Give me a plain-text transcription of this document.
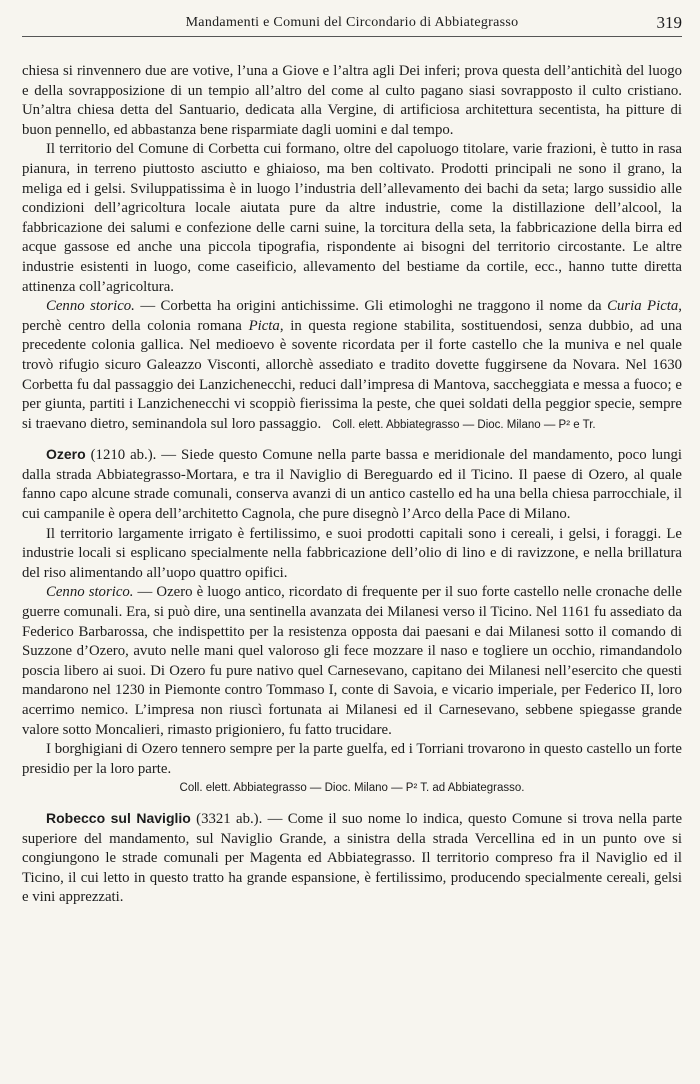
Mandamenti e Comuni del Circondario di Abbiategrasso	319

chiesa si rinvennero due are votive, l’una a Giove e l’altra agli Dei inferi; prova questa dell’antichità del luogo e della sovrapposizione di un tempio all’altro del come al culto pagano siasi sovrapposto il culto cristiano. Un’altra chiesa detta del Santuario, dedicata alla Vergine, di artificiosa architettura secentista, ha pitture di buon pennello, ed abbastanza bene risparmiate dagli uomini e dal tempo.

Il territorio del Comune di Corbetta cui formano, oltre del capoluogo titolare, varie frazioni, è tutto in rasa pianura, in terreno piuttosto asciutto e ghiaioso, ma ben coltivato. Prodotti principali ne sono il grano, la meliga ed i gelsi. Sviluppatissima è in luogo l’industria dell’allevamento dei bachi da seta; largo sussidio alle condizioni dell’agricoltura locale aiutata pure da altre industrie, come la distillazione dell’alcool, la fabbricazione dei salumi e confezione delle carni suine, la torcitura della seta, la fabbricazione della birra ed acque gassose ed anche una piccola tipografia, rispondente ai bisogni del territorio circostante. Le altre industrie esistenti in luogo, come caseificio, allevamento del bestiame da cortile, ecc., hanno tutte diretta attinenza coll’agricoltura.

Cenno storico. — Corbetta ha origini antichissime. Gli etimologhi ne traggono il nome da Curia Picta, perchè centro della colonia romana Picta, in questa regione stabilita, sostituendosi, senza dubbio, ad una precedente colonia gallica. Nel medioevo è sovente ricordata per il forte castello che la muniva e nel quale trovò rifugio sicuro Galeazzo Visconti, allorchè assediato e tradito dovette fuggirsene da Novara. Nel 1630 Corbetta fu dal passaggio dei Lanzichenecchi, reduci dall’impresa di Mantova, saccheggiata e messa a fuoco; e per giunta, partiti i Lanzichenecchi vi scoppiò fierissima la peste, che quei soldati della peggior specie, sempre si traevano dietro, seminandola sul loro passaggio. Coll. elett. Abbiategrasso — Dioc. Milano — P² e Tr.

Ozero (1210 ab.). — Siede questo Comune nella parte bassa e meridionale del mandamento, poco lungi dalla strada Abbiategrasso-Mortara, e tra il Naviglio di Bereguardo ed il Ticino. Il paese di Ozero, al quale fanno capo alcune strade comunali, conserva avanzi di un antico castello ed ha una bella chiesa parrocchiale, il cui campanile è opera dell’architetto Cagnola, che pure disegnò l’Arco della Pace di Milano.

Il territorio largamente irrigato è fertilissimo, e suoi prodotti capitali sono i cereali, i gelsi, i foraggi. Le industrie locali si esplicano specialmente nella fabbricazione dell’olio di lino e di ravizzone, e nella brillatura del riso alimentando all’uopo quattro opifici.

Cenno storico. — Ozero è luogo antico, ricordato di frequente per il suo forte castello nelle cronache delle guerre comunali. Era, si può dire, una sentinella avanzata dei Milanesi verso il Ticino. Nel 1161 fu assediato da Federico Barbarossa, che indispettito per la resistenza opposta dai paesani e dai Milanesi sotto il comando di Suzzone d’Ozero, avuto nelle mani quel valoroso gli fece mozzare il naso e togliere un occhio, rimandandolo poscia libero ai suoi. Di Ozero fu pure nativo quel Carnesevano, capitano dei Milanesi nell’esercito che questi mandarono nel 1230 in Piemonte contro Tommaso I, conte di Savoia, e vicario imperiale, per Federico II, loro acerrimo nemico. L’impresa non riuscì fortunata ai Milanesi ed il Carnesevano, sebbene spiegasse grande valore sotto Moncalieri, rimasto prigioniero, fu fatto trucidare.

I borghigiani di Ozero tennero sempre per la parte guelfa, ed i Torriani trovarono in questo castello un forte presidio per la loro parte.

Coll. elett. Abbiategrasso — Dioc. Milano — P² T. ad Abbiategrasso.

Robecco sul Naviglio (3321 ab.). — Come il suo nome lo indica, questo Comune si trova nella parte superiore del mandamento, sul Naviglio Grande, a sinistra della strada Vercellina ed in un punto ove si congiungono le strade comunali per Magenta ed Abbiategrasso. Il territorio compreso fra il Naviglio ed il Ticino, il cui letto in questo tratto ha grande espansione, è fertilissimo, producendo specialmente cereali, gelsi e vini apprezzati.
